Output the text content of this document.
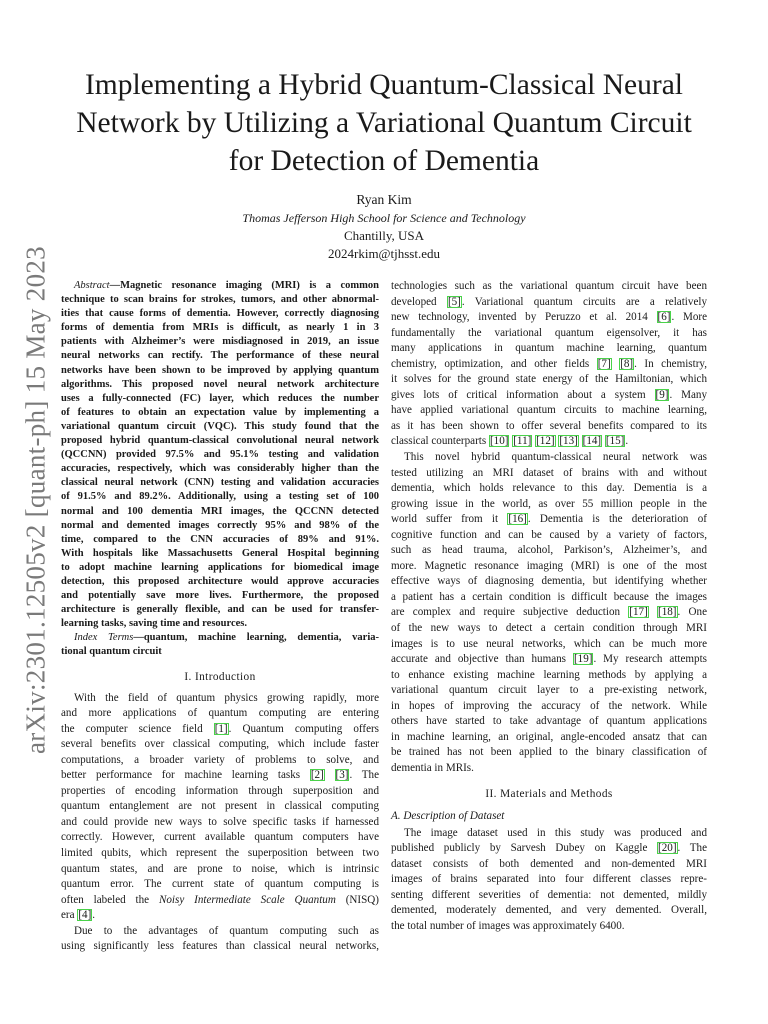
arXiv:2301.12505v2 [quant-ph] 15 May 2023
Implementing a Hybrid Quantum-Classical Neural
Network by Utilizing a Variational Quantum Circuit
for Detection of Dementia
Ryan Kim
Thomas Jefferson High School for Science and Technology
Chantilly, USA
2024rkim@tjhsst.edu
Abstract—Magnetic resonance imaging (MRI) is a common
technique to scan brains for strokes, tumors, and other abnormal-
ities that cause forms of dementia. However, correctly diagnosing
forms of dementia from MRIs is difficult, as nearly 1 in 3
patients with Alzheimer’s were misdiagnosed in 2019, an issue
neural networks can rectify. The performance of these neural
networks have been shown to be improved by applying quantum
algorithms. This proposed novel neural network architecture
uses a fully-connected (FC) layer, which reduces the number
of features to obtain an expectation value by implementing a
variational quantum circuit (VQC). This study found that the
proposed hybrid quantum-classical convolutional neural network
(QCCNN) provided 97.5% and 95.1% testing and validation
accuracies, respectively, which was considerably higher than the
classical neural network (CNN) testing and validation accuracies
of 91.5% and 89.2%. Additionally, using a testing set of 100
normal and 100 dementia MRI images, the QCCNN detected
normal and demented images correctly 95% and 98% of the
time, compared to the CNN accuracies of 89% and 91%.
With hospitals like Massachusetts General Hospital beginning
to adopt machine learning applications for biomedical image
detection, this proposed architecture would approve accuracies
and potentially save more lives. Furthermore, the proposed
architecture is generally flexible, and can be used for transfer-
learning tasks, saving time and resources.
Index Terms—quantum, machine learning, dementia, varia-
tional quantum circuit
I. Introduction
With the field of quantum physics growing rapidly, more
and more applications of quantum computing are entering
the computer science field [1]. Quantum computing offers
several benefits over classical computing, which include faster
computations, a broader variety of problems to solve, and
better performance for machine learning tasks [2] [3]. The
properties of encoding information through superposition and
quantum entanglement are not present in classical computing
and could provide new ways to solve specific tasks if harnessed
correctly. However, current available quantum computers have
limited qubits, which represent the superposition between two
quantum states, and are prone to noise, which is intrinsic
quantum error. The current state of quantum computing is
often labeled the Noisy Intermediate Scale Quantum (NISQ)
era [4].
Due to the advantages of quantum computing such as
using significantly less features than classical neural networks,
technologies such as the variational quantum circuit have been
developed [5]. Variational quantum circuits are a relatively
new technology, invented by Peruzzo et al. 2014 [6]. More
fundamentally the variational quantum eigensolver, it has
many applications in quantum machine learning, quantum
chemistry, optimization, and other fields [7] [8]. In chemistry,
it solves for the ground state energy of the Hamiltonian, which
gives lots of critical information about a system [9]. Many
have applied variational quantum circuits to machine learning,
as it has been shown to offer several benefits compared to its
classical counterparts [10] [11] [12] [13] [14] [15].
This novel hybrid quantum-classical neural network was
tested utilizing an MRI dataset of brains with and without
dementia, which holds relevance to this day. Dementia is a
growing issue in the world, as over 55 million people in the
world suffer from it [16]. Dementia is the deterioration of
cognitive function and can be caused by a variety of factors,
such as head trauma, alcohol, Parkison’s, Alzheimer’s, and
more. Magnetic resonance imaging (MRI) is one of the most
effective ways of diagnosing dementia, but identifying whether
a patient has a certain condition is difficult because the images
are complex and require subjective deduction [17] [18]. One
of the new ways to detect a certain condition through MRI
images is to use neural networks, which can be much more
accurate and objective than humans [19]. My research attempts
to enhance existing machine learning methods by applying a
variational quantum circuit layer to a pre-existing network,
in hopes of improving the accuracy of the network. While
others have started to take advantage of quantum applications
in machine learning, an original, angle-encoded ansatz that can
be trained has not been applied to the binary classification of
dementia in MRIs.
II. Materials and Methods
A. Description of Dataset
The image dataset used in this study was produced and
published publicly by Sarvesh Dubey on Kaggle [20]. The
dataset consists of both demented and non-demented MRI
images of brains separated into four different classes repre-
senting different severities of dementia: not demented, mildly
demented, moderately demented, and very demented. Overall,
the total number of images was approximately 6400.
